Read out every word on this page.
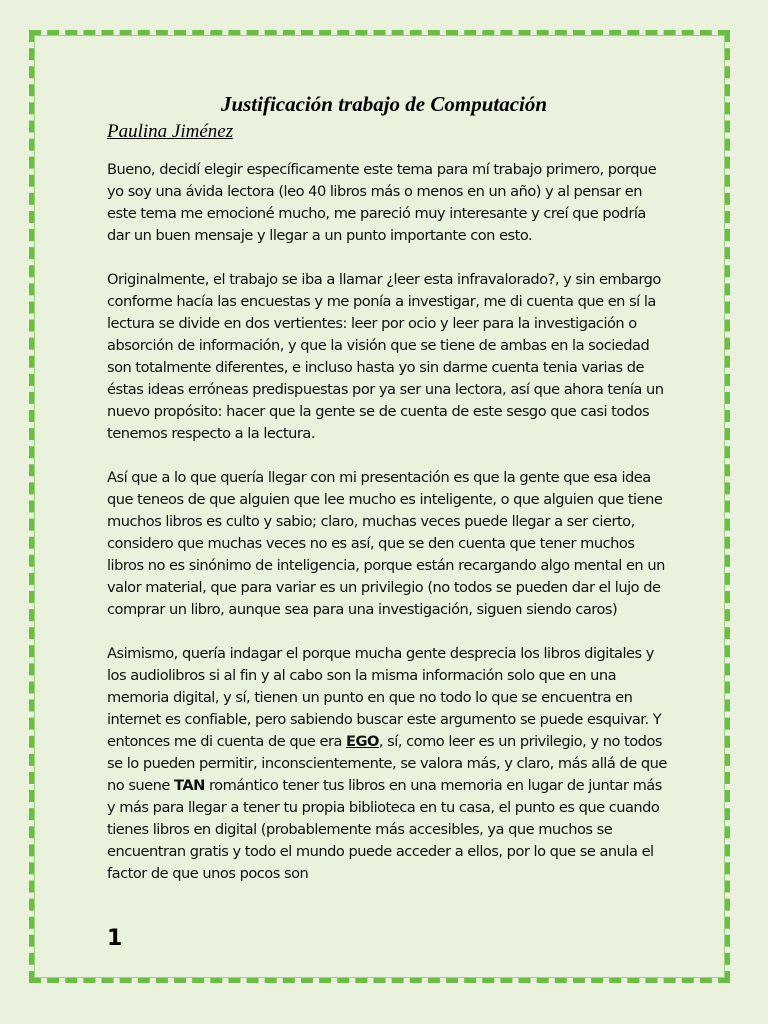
Justificación trabajo de Computación

Paulina Jiménez

Bueno, decidí elegir específicamente este tema para mí trabajo primero, porque yo soy una ávida lectora (leo 40 libros más o menos en un año) y al pensar en este tema me emocioné mucho, me pareció muy interesante y creí que podría dar un buen mensaje y llegar a un punto importante con esto.

Originalmente, el trabajo se iba a llamar ¿leer esta infravalorado?, y sin embargo conforme hacía las encuestas y me ponía a investigar, me di cuenta que en sí la lectura se divide en dos vertientes: leer por ocio y leer para la investigación o absorción de información, y que la visión que se tiene de ambas en la sociedad son totalmente diferentes, e incluso hasta yo sin darme cuenta tenia varias de éstas ideas erróneas predispuestas por ya ser una lectora, así que ahora tenía un nuevo propósito: hacer que la gente se de cuenta de este sesgo que casi todos tenemos respecto a la lectura.

Así que a lo que quería llegar con mi presentación es que la gente que esa idea que teneos de que alguien que lee mucho es inteligente, o que alguien que tiene muchos libros es culto y sabio; claro, muchas veces puede llegar a ser cierto, considero que muchas veces no es así, que se den cuenta que tener muchos libros no es sinónimo de inteligencia, porque están recargando algo mental en un valor material, que para variar es un privilegio (no todos se pueden dar el lujo de comprar un libro, aunque sea para una investigación, siguen siendo caros)

Asimismo, quería indagar el porque mucha gente desprecia los libros digitales y los audiolibros si al fin y al cabo son la misma información solo que en una memoria digital, y sí, tienen un punto en que no todo lo que se encuentra en internet es confiable, pero sabiendo buscar este argumento se puede esquivar. Y entonces me di cuenta de que era EGO, sí, como leer es un privilegio, y no todos se lo pueden permitir, inconscientemente, se valora más, y claro, más allá de que no suene TAN romántico tener tus libros en una memoria en lugar de juntar más y más para llegar a tener tu propia biblioteca en tu casa, el punto es que cuando tienes libros en digital (probablemente más accesibles, ya que muchos se encuentran gratis y todo el mundo puede acceder a ellos, por lo que se anula el factor de que unos pocos son

1
